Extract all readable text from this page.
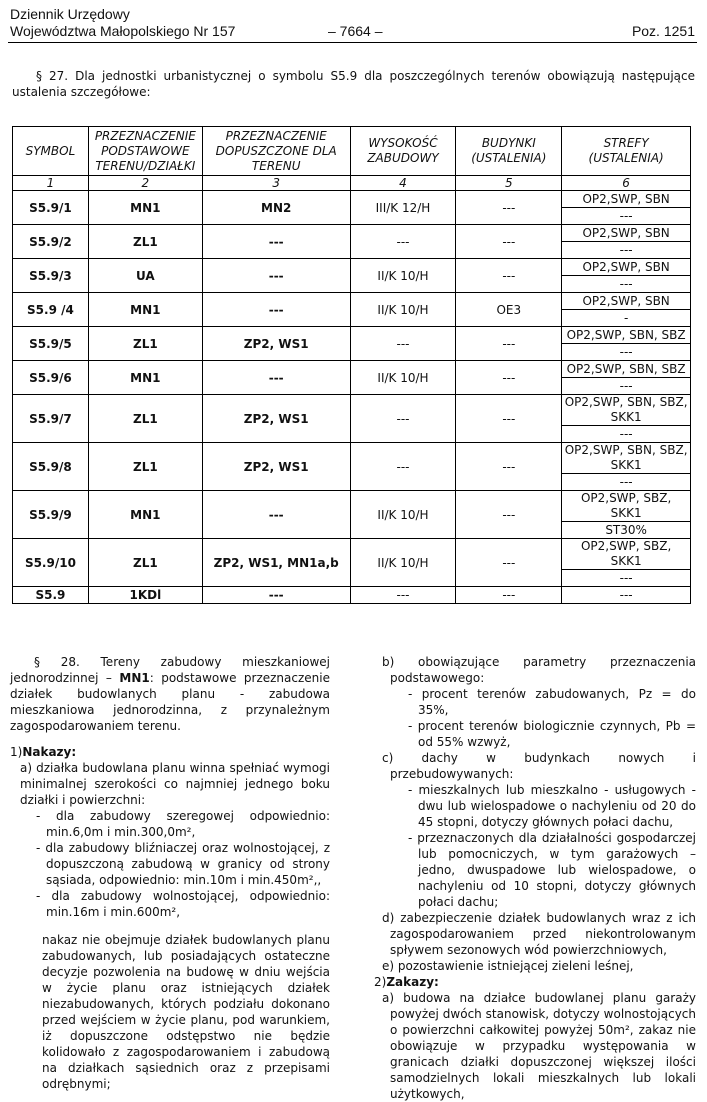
Dziennik Urzędowy
Województwa Małopolskiego Nr 157	– 7664 –	Poz. 1251

§ 27. Dla jednostki urbanistycznej o symbolu S5.9 dla poszczególnych terenów obowiązują następujące ustalenia szczegółowe:

SYMBOL	PRZEZNACZENIE PODSTAWOWE TERENU/DZIAŁKI	PRZEZNACZENIE DOPUSZCZONE DLA TERENU	WYSOKOŚĆ ZABUDOWY	BUDYNKI (USTALENIA)	STREFY (USTALENIA)
1	2	3	4	5	6
S5.9/1	MN1	MN2	III/K 12/H	---	OP2,SWP, SBN
					---
S5.9/2	ZL1	---	---	---	OP2,SWP, SBN
					---
S5.9/3	UA	---	II/K 10/H	---	OP2,SWP, SBN
					---
S5.9 /4	MN1	---	II/K 10/H	OE3	OP2,SWP, SBN
					-
S5.9/5	ZL1	ZP2, WS1	---	---	OP2,SWP, SBN, SBZ
					---
S5.9/6	MN1	---	II/K 10/H	---	OP2,SWP, SBN, SBZ
					---
S5.9/7	ZL1	ZP2, WS1	---	---	OP2,SWP, SBN, SBZ, SKK1
					---
S5.9/8	ZL1	ZP2, WS1	---	---	OP2,SWP, SBN, SBZ, SKK1
					---
S5.9/9	MN1	---	II/K 10/H	---	OP2,SWP, SBZ, SKK1
					ST30%
S5.9/10	ZL1	ZP2, WS1, MN1a,b	II/K 10/H	---	OP2,SWP, SBZ, SKK1
					---
S5.9	1KDl	---	---	---	---

§ 28. Tereny zabudowy mieszkaniowej jednorodzinnej – MN1: podstawowe przeznaczenie działek budowlanych planu - zabudowa mieszkaniowa jednorodzinna, z przynależnym zagospodarowaniem terenu.

1)Nakazy:

a) działka budowlana planu winna spełniać wymogi minimalnej szerokości co najmniej jednego boku działki i powierzchni:

- dla zabudowy szeregowej odpowiednio: min.6,0m i min.300,0m²,

- dla zabudowy bliźniaczej oraz wolnostojącej, z dopuszczoną zabudową w granicy od strony sąsiada, odpowiednio: min.10m i min.450m²,,

- dla zabudowy wolnostojącej, odpowiednio: min.16m i min.600m²,

nakaz nie obejmuje działek budowlanych planu zabudowanych, lub posiadających ostateczne decyzje pozwolenia na budowę w dniu wejścia w życie planu oraz istniejących działek niezabudowanych, których podziału dokonano przed wejściem w życie planu, pod warunkiem, iż dopuszczone odstępstwo nie będzie kolidowało z zagospodarowaniem i zabudową na działkach sąsiednich oraz z przepisami odrębnymi;

b) obowiązujące parametry przeznaczenia podstawowego:

- procent terenów zabudowanych, Pz = do 35%,

- procent terenów biologicznie czynnych, Pb = od 55% wzwyż,

c) dachy w budynkach nowych i przebudowywanych:

- mieszkalnych lub mieszkalno - usługowych - dwu lub wielospadowe o nachyleniu od 20 do 45 stopni, dotyczy głównych połaci dachu,

- przeznaczonych dla działalności gospodarczej lub pomocniczych, w tym garażowych – jedno, dwuspadowe lub wielospadowe, o nachyleniu od 10 stopni, dotyczy głównych połaci dachu;

d) zabezpieczenie działek budowlanych wraz z ich zagospodarowaniem przed niekontrolowanym spływem sezonowych wód powierzchniowych,

e) pozostawienie istniejącej zieleni leśnej,

2)Zakazy:

a) budowa na działce budowlanej planu garaży powyżej dwóch stanowisk, dotyczy wolnostojących o powierzchni całkowitej powyżej 50m², zakaz nie obowiązuje w przypadku występowania w granicach działki dopuszczonej większej ilości samodzielnych lokali mieszkalnych lub lokali użytkowych,
